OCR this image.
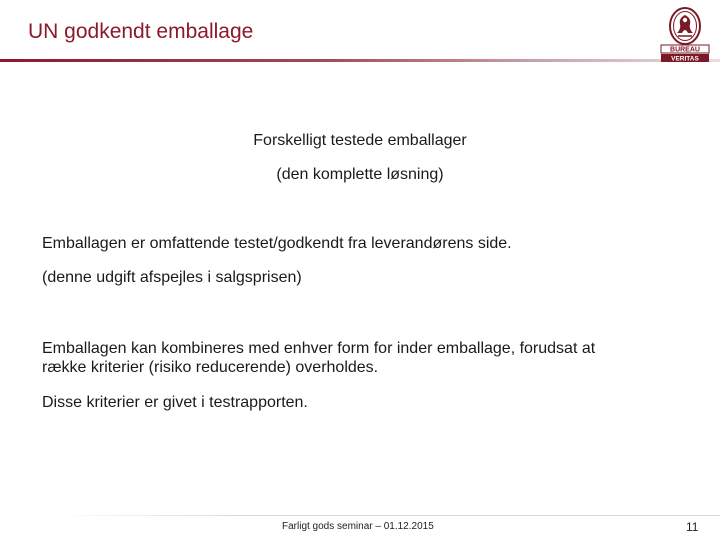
UN godkendt emballage
BUREAU
VERITAS
Forskelligt testede emballager
(den komplette løsning)
Emballagen er omfattende testet/godkendt fra leverandørens side.
(denne udgift afspejles i salgsprisen)
Emballagen kan kombineres med enhver form for inder emballage, forudsat at
række kriterier (risiko reducerende) overholdes.
Disse kriterier er givet i testrapporten.
Farligt gods seminar – 01.12.2015	11
